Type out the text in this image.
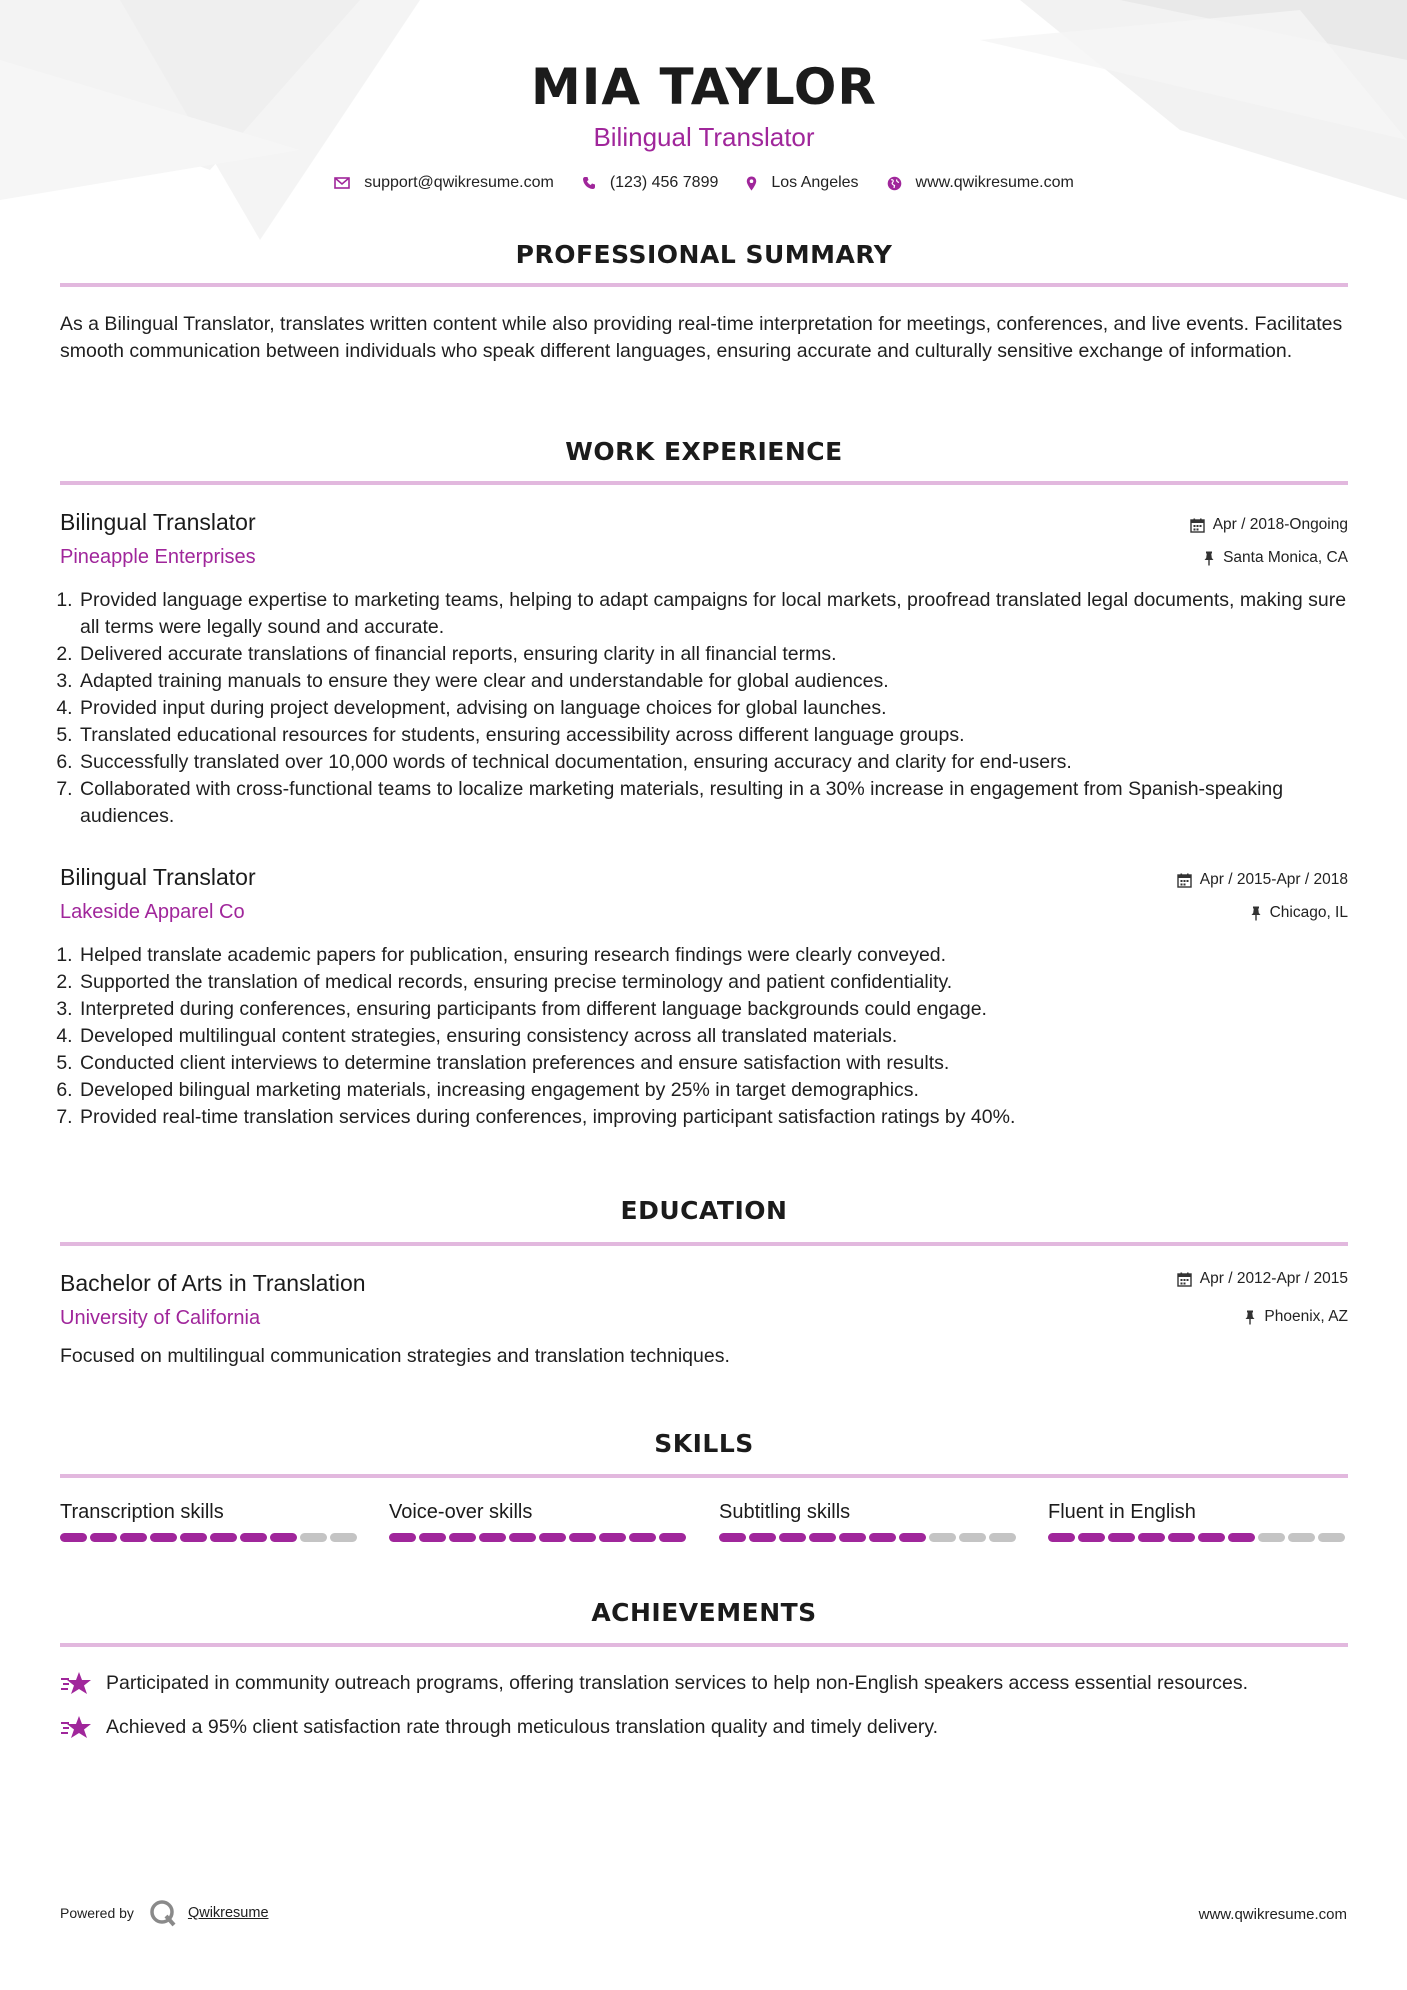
MIA TAYLOR
Bilingual Translator
support@qwikresume.com	(123) 456 7899	Los Angeles	www.qwikresume.com
PROFESSIONAL SUMMARY
As a Bilingual Translator, translates written content while also providing real-time interpretation for meetings, conferences, and live events. Facilitates smooth communication between individuals who speak different languages, ensuring accurate and culturally sensitive exchange of information.
WORK EXPERIENCE
Bilingual Translator
Pineapple Enterprises
Apr / 2018-Ongoing
Santa Monica, CA
1. Provided language expertise to marketing teams, helping to adapt campaigns for local markets, proofread translated legal documents, making sure all terms were legally sound and accurate.
2. Delivered accurate translations of financial reports, ensuring clarity in all financial terms.
3. Adapted training manuals to ensure they were clear and understandable for global audiences.
4. Provided input during project development, advising on language choices for global launches.
5. Translated educational resources for students, ensuring accessibility across different language groups.
6. Successfully translated over 10,000 words of technical documentation, ensuring accuracy and clarity for end-users.
7. Collaborated with cross-functional teams to localize marketing materials, resulting in a 30% increase in engagement from Spanish-speaking audiences.
Bilingual Translator
Lakeside Apparel Co
Apr / 2015-Apr / 2018
Chicago, IL
1. Helped translate academic papers for publication, ensuring research findings were clearly conveyed.
2. Supported the translation of medical records, ensuring precise terminology and patient confidentiality.
3. Interpreted during conferences, ensuring participants from different language backgrounds could engage.
4. Developed multilingual content strategies, ensuring consistency across all translated materials.
5. Conducted client interviews to determine translation preferences and ensure satisfaction with results.
6. Developed bilingual marketing materials, increasing engagement by 25% in target demographics.
7. Provided real-time translation services during conferences, improving participant satisfaction ratings by 40%.
EDUCATION
Bachelor of Arts in Translation
University of California
Apr / 2012-Apr / 2015
Phoenix, AZ
Focused on multilingual communication strategies and translation techniques.
SKILLS
Transcription skills	Voice-over skills	Subtitling skills	Fluent in English
ACHIEVEMENTS
Participated in community outreach programs, offering translation services to help non-English speakers access essential resources.
Achieved a 95% client satisfaction rate through meticulous translation quality and timely delivery.
Powered by	Qwikresume	www.qwikresume.com
